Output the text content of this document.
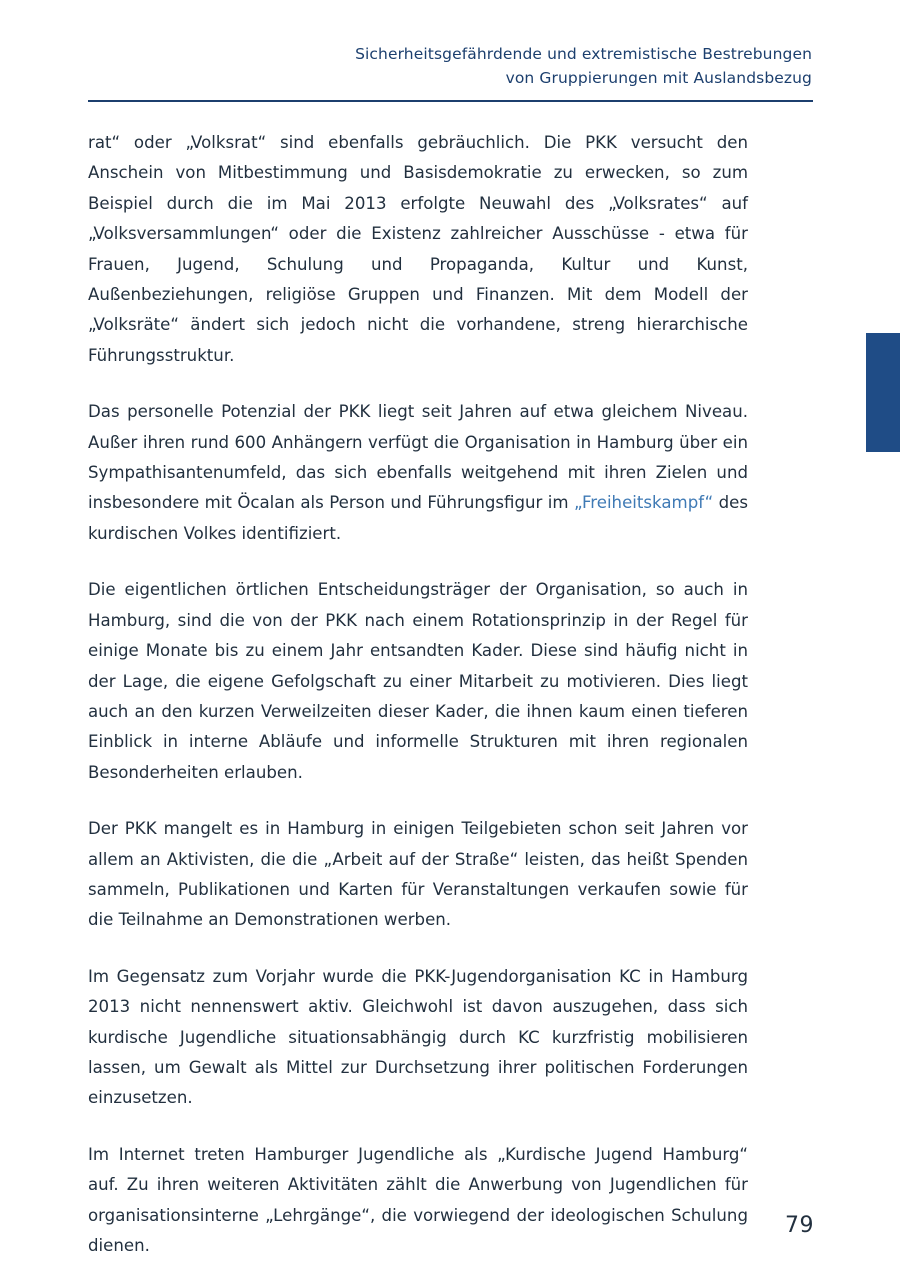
Sicherheitsgefährdende und extremistische Bestrebungen
von Gruppierungen mit Auslandsbezug

rat“ oder „Volksrat“ sind ebenfalls gebräuchlich. Die PKK versucht den Anschein von Mitbestimmung und Basisdemokratie zu erwecken, so zum Beispiel durch die im Mai 2013 erfolgte Neuwahl des „Volksrates“ auf „Volksversammlungen“ oder die Existenz zahlreicher Ausschüsse - etwa für Frauen, Jugend, Schulung und Propaganda, Kultur und Kunst, Außenbeziehungen, religiöse Gruppen und Finanzen. Mit dem Modell der „Volksräte“ ändert sich jedoch nicht die vorhandene, streng hierarchische Führungsstruktur.

Das personelle Potenzial der PKK liegt seit Jahren auf etwa gleichem Niveau. Außer ihren rund 600 Anhängern verfügt die Organisation in Hamburg über ein Sympathisantenumfeld, das sich ebenfalls weitgehend mit ihren Zielen und insbesondere mit Öcalan als Person und Führungsfigur im „Freiheitskampf“ des kurdischen Volkes identifiziert.

Die eigentlichen örtlichen Entscheidungsträger der Organisation, so auch in Hamburg, sind die von der PKK nach einem Rotationsprinzip in der Regel für einige Monate bis zu einem Jahr entsandten Kader. Diese sind häufig nicht in der Lage, die eigene Gefolgschaft zu einer Mitarbeit zu motivieren. Dies liegt auch an den kurzen Verweilzeiten dieser Kader, die ihnen kaum einen tieferen Einblick in interne Abläufe und informelle Strukturen mit ihren regionalen Besonderheiten erlauben.

Der PKK mangelt es in Hamburg in einigen Teilgebieten schon seit Jahren vor allem an Aktivisten, die die „Arbeit auf der Straße“ leisten, das heißt Spenden sammeln, Publikationen und Karten für Veranstaltungen verkaufen sowie für die Teilnahme an Demonstrationen werben.

Im Gegensatz zum Vorjahr wurde die PKK-Jugendorganisation KC in Hamburg 2013 nicht nennenswert aktiv. Gleichwohl ist davon auszugehen, dass sich kurdische Jugendliche situationsabhängig durch KC kurzfristig mobilisieren lassen, um Gewalt als Mittel zur Durchsetzung ihrer politischen Forderungen einzusetzen.

Im Internet treten Hamburger Jugendliche als „Kurdische Jugend Hamburg“ auf. Zu ihren weiteren Aktivitäten zählt die Anwerbung von Jugendlichen für organisationsinterne „Lehrgänge“, die vorwiegend der ideologischen Schulung dienen.

79
